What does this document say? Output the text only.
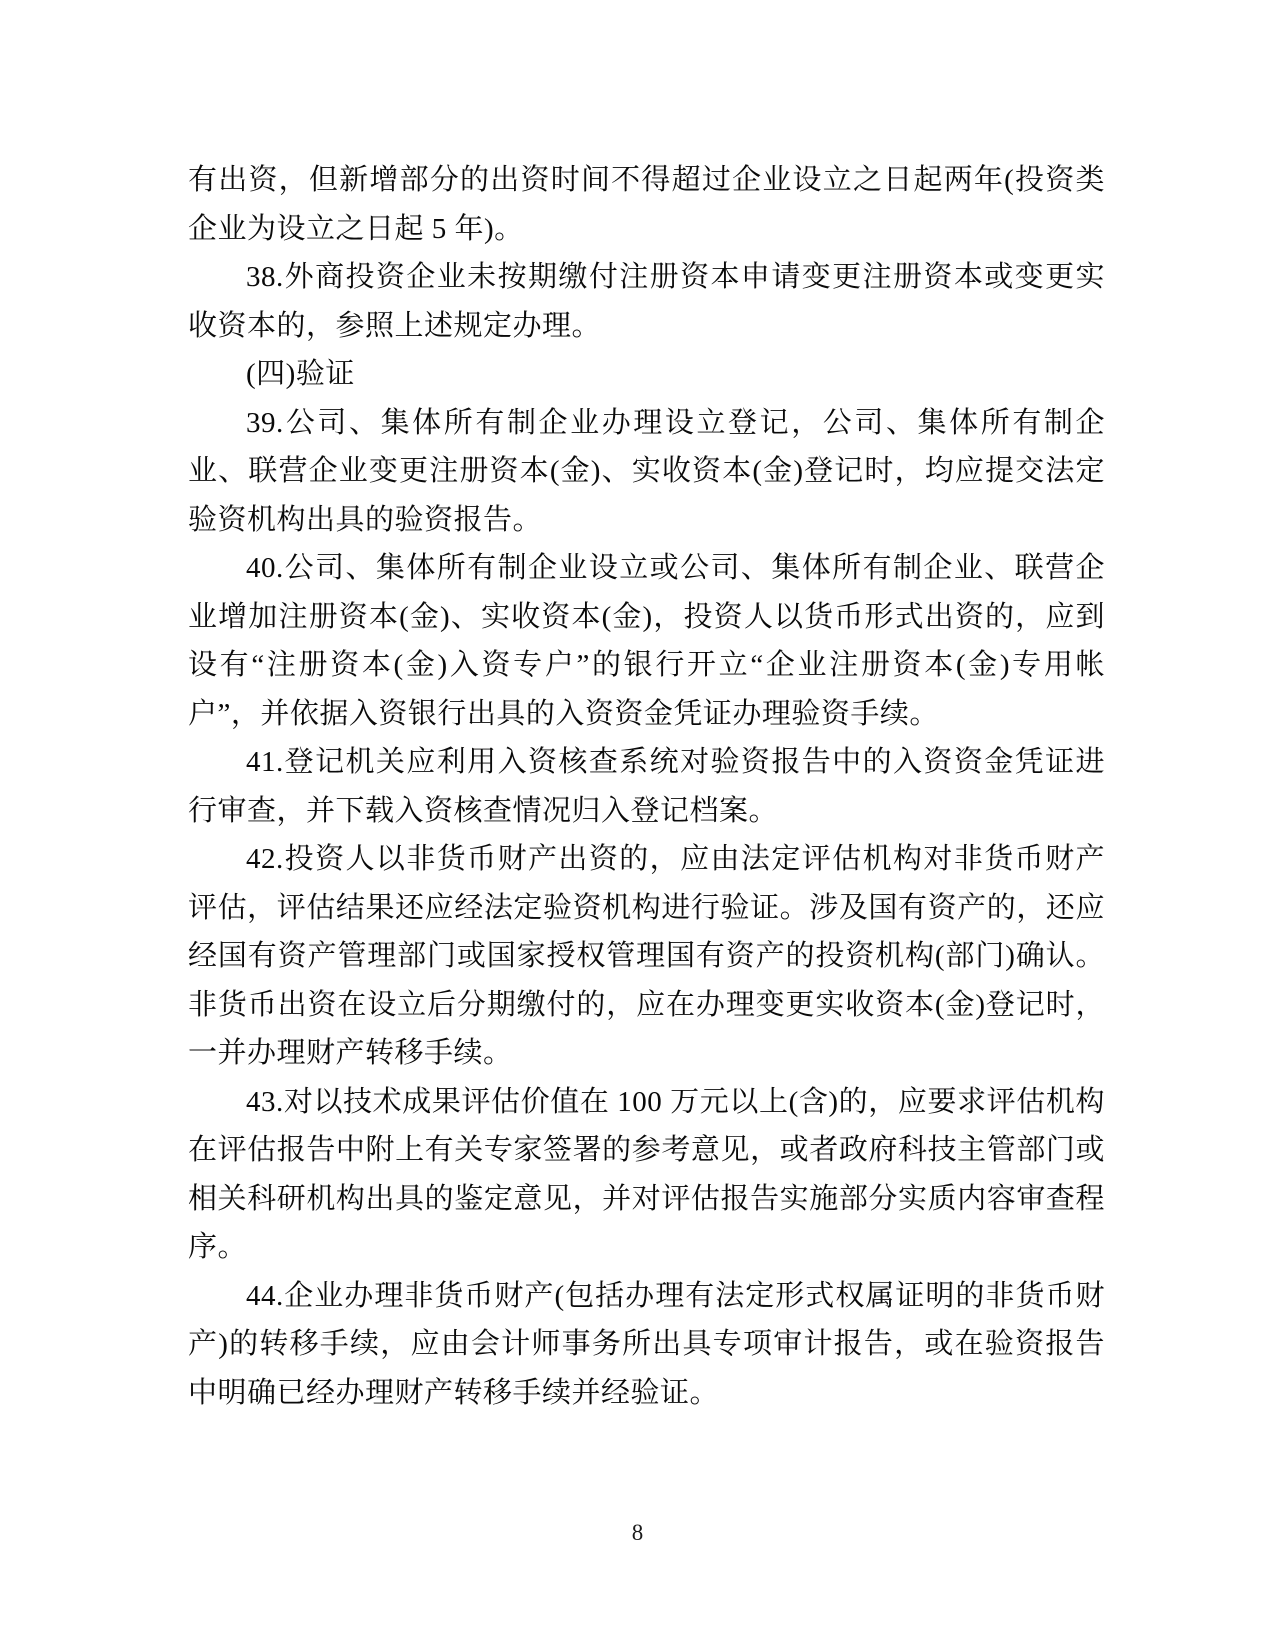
有出资，但新增部分的出资时间不得超过企业设立之日起两年(投资类企业为设立之日起 5 年)。

38.外商投资企业未按期缴付注册资本申请变更注册资本或变更实收资本的，参照上述规定办理。

(四)验证

39.公司、集体所有制企业办理设立登记，公司、集体所有制企业、联营企业变更注册资本(金)、实收资本(金)登记时，均应提交法定验资机构出具的验资报告。

40.公司、集体所有制企业设立或公司、集体所有制企业、联营企业增加注册资本(金)、实收资本(金)，投资人以货币形式出资的，应到设有“注册资本(金)入资专户”的银行开立“企业注册资本(金)专用帐户”，并依据入资银行出具的入资资金凭证办理验资手续。

41.登记机关应利用入资核查系统对验资报告中的入资资金凭证进行审查，并下载入资核查情况归入登记档案。

42.投资人以非货币财产出资的，应由法定评估机构对非货币财产评估，评估结果还应经法定验资机构进行验证。涉及国有资产的，还应经国有资产管理部门或国家授权管理国有资产的投资机构(部门)确认。非货币出资在设立后分期缴付的，应在办理变更实收资本(金)登记时，一并办理财产转移手续。

43.对以技术成果评估价值在 100 万元以上(含)的，应要求评估机构在评估报告中附上有关专家签署的参考意见，或者政府科技主管部门或相关科研机构出具的鉴定意见，并对评估报告实施部分实质内容审查程序。

44.企业办理非货币财产(包括办理有法定形式权属证明的非货币财产)的转移手续，应由会计师事务所出具专项审计报告，或在验资报告中明确已经办理财产转移手续并经验证。

8
